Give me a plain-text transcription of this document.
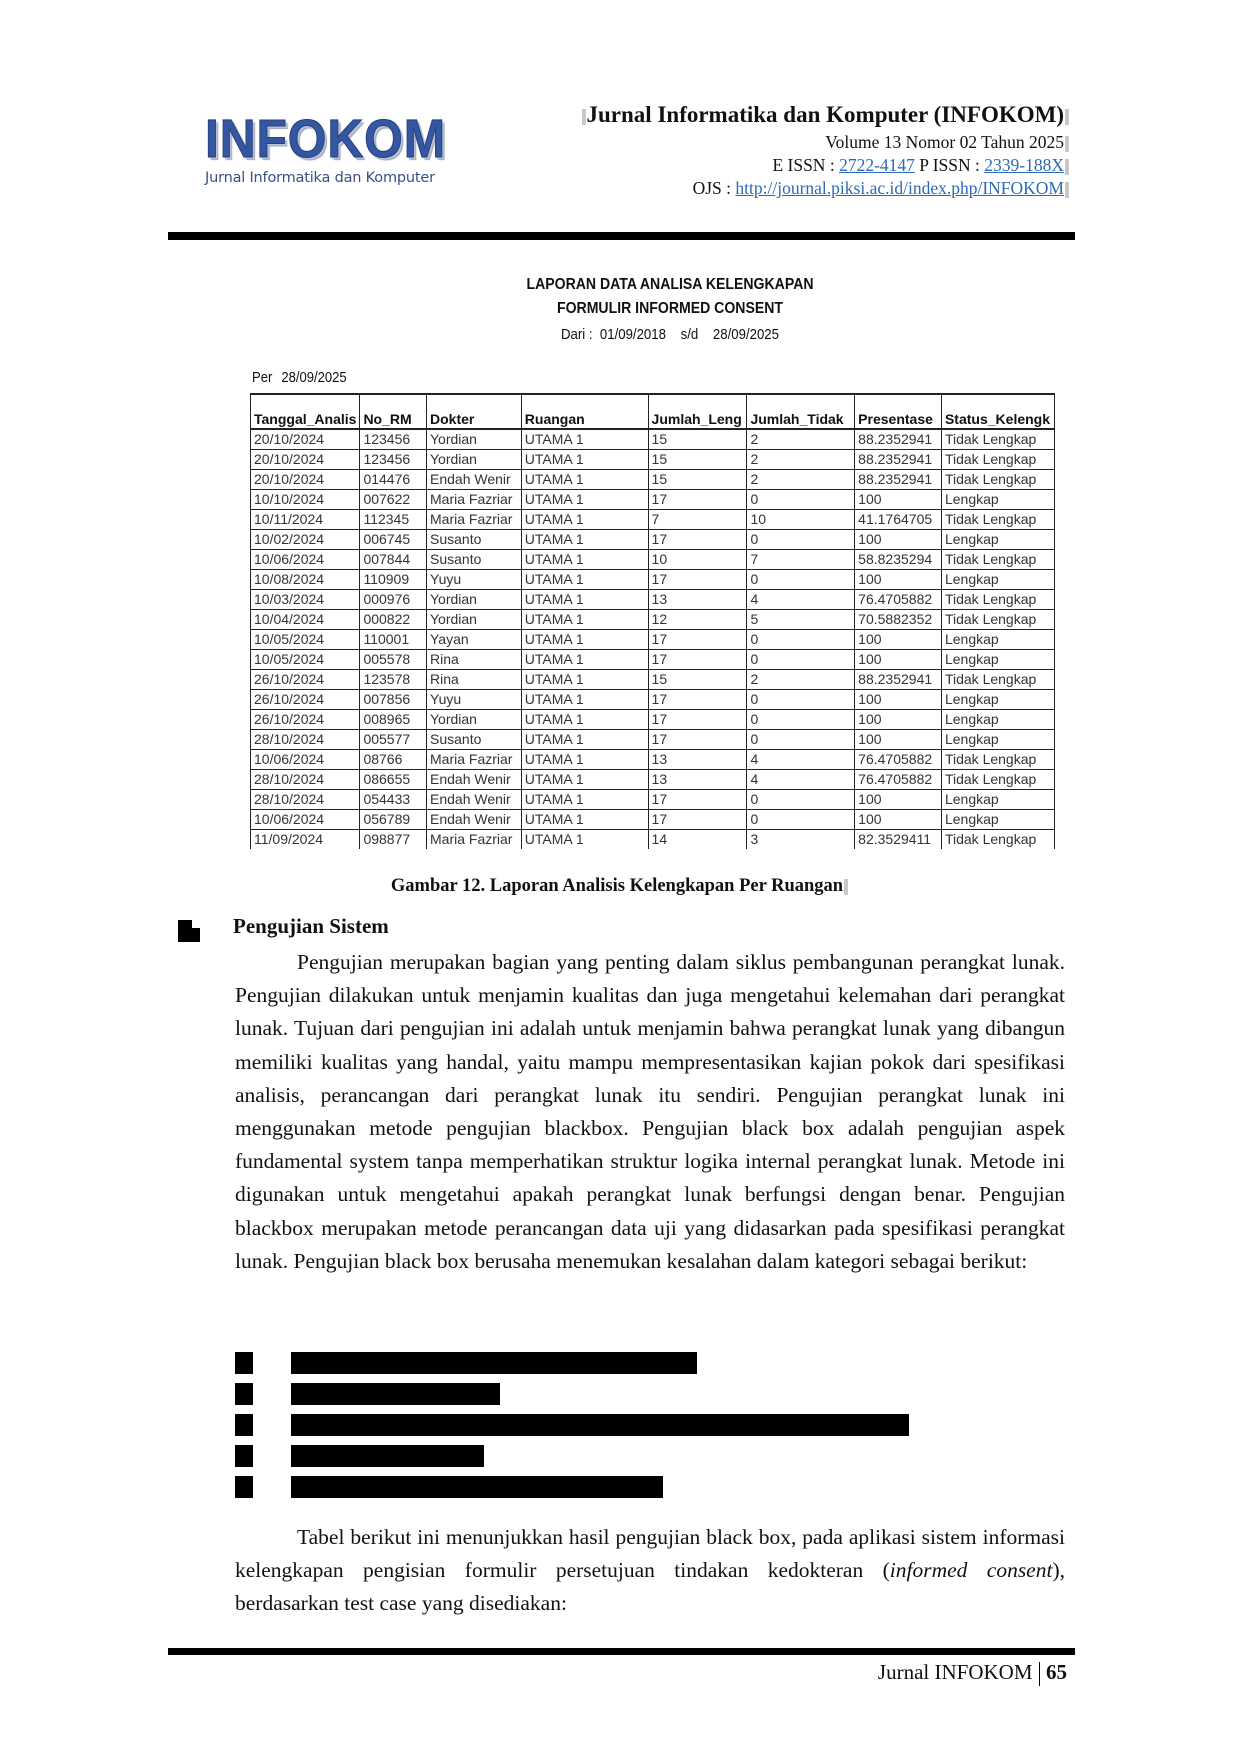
INFOKOM
Jurnal Informatika dan Komputer
Jurnal Informatika dan Komputer (INFOKOM)
Volume 13 Nomor 02 Tahun 2025
E ISSN : 2722-4147 P ISSN : 2339-188X
OJS : http://journal.piksi.ac.id/index.php/INFOKOM
LAPORAN DATA ANALISA KELENGKAPAN
FORMULIR INFORMED CONSENT
Dari : 01/09/2018 s/d 28/09/2025
Per 28/09/2025
Tanggal_Analis	No_RM	Dokter	Ruangan	Jumlah_Leng	Jumlah_Tidak	Presentase	Status_Kelengk
20/10/2024	123456	Yordian	UTAMA 1	15	2	88.2352941	Tidak Lengkap
20/10/2024	123456	Yordian	UTAMA 1	15	2	88.2352941	Tidak Lengkap
20/10/2024	014476	Endah Wenir	UTAMA 1	15	2	88.2352941	Tidak Lengkap
10/10/2024	007622	Maria Fazriar	UTAMA 1	17	0	100	Lengkap
10/11/2024	112345	Maria Fazriar	UTAMA 1	7	10	41.1764705	Tidak Lengkap
10/02/2024	006745	Susanto	UTAMA 1	17	0	100	Lengkap
10/06/2024	007844	Susanto	UTAMA 1	10	7	58.8235294	Tidak Lengkap
10/08/2024	110909	Yuyu	UTAMA 1	17	0	100	Lengkap
10/03/2024	000976	Yordian	UTAMA 1	13	4	76.4705882	Tidak Lengkap
10/04/2024	000822	Yordian	UTAMA 1	12	5	70.5882352	Tidak Lengkap
10/05/2024	110001	Yayan	UTAMA 1	17	0	100	Lengkap
10/05/2024	005578	Rina	UTAMA 1	17	0	100	Lengkap
26/10/2024	123578	Rina	UTAMA 1	15	2	88.2352941	Tidak Lengkap
26/10/2024	007856	Yuyu	UTAMA 1	17	0	100	Lengkap
26/10/2024	008965	Yordian	UTAMA 1	17	0	100	Lengkap
28/10/2024	005577	Susanto	UTAMA 1	17	0	100	Lengkap
10/06/2024	08766	Maria Fazriar	UTAMA 1	13	4	76.4705882	Tidak Lengkap
28/10/2024	086655	Endah Wenir	UTAMA 1	13	4	76.4705882	Tidak Lengkap
28/10/2024	054433	Endah Wenir	UTAMA 1	17	0	100	Lengkap
10/06/2024	056789	Endah Wenir	UTAMA 1	17	0	100	Lengkap
11/09/2024	098877	Maria Fazriar	UTAMA 1	14	3	82.3529411	Tidak Lengkap
Gambar 12. Laporan Analisis Kelengkapan Per Ruangan
Pengujian Sistem

Pengujian merupakan bagian yang penting dalam siklus pembangunan perangkat lunak. Pengujian dilakukan untuk menjamin kualitas dan juga mengetahui kelemahan dari perangkat lunak. Tujuan dari pengujian ini adalah untuk menjamin bahwa perangkat lunak yang dibangun memiliki kualitas yang handal, yaitu mampu mempresentasikan kajian pokok dari spesifikasi analisis, perancangan dari perangkat lunak itu sendiri. Pengujian perangkat lunak ini menggunakan metode pengujian blackbox. Pengujian black box adalah pengujian aspek fundamental system tanpa memperhatikan struktur logika internal perangkat lunak. Metode ini digunakan untuk mengetahui apakah perangkat lunak berfungsi dengan benar. Pengujian blackbox merupakan metode perancangan data uji yang didasarkan pada spesifikasi perangkat lunak. Pengujian black box berusaha menemukan kesalahan dalam kategori sebagai berikut:

Tabel berikut ini menunjukkan hasil pengujian black box, pada aplikasi sistem informasi kelengkapan pengisian formulir persetujuan tindakan kedokteran (informed consent), berdasarkan test case yang disediakan:

Jurnal INFOKOM 65
